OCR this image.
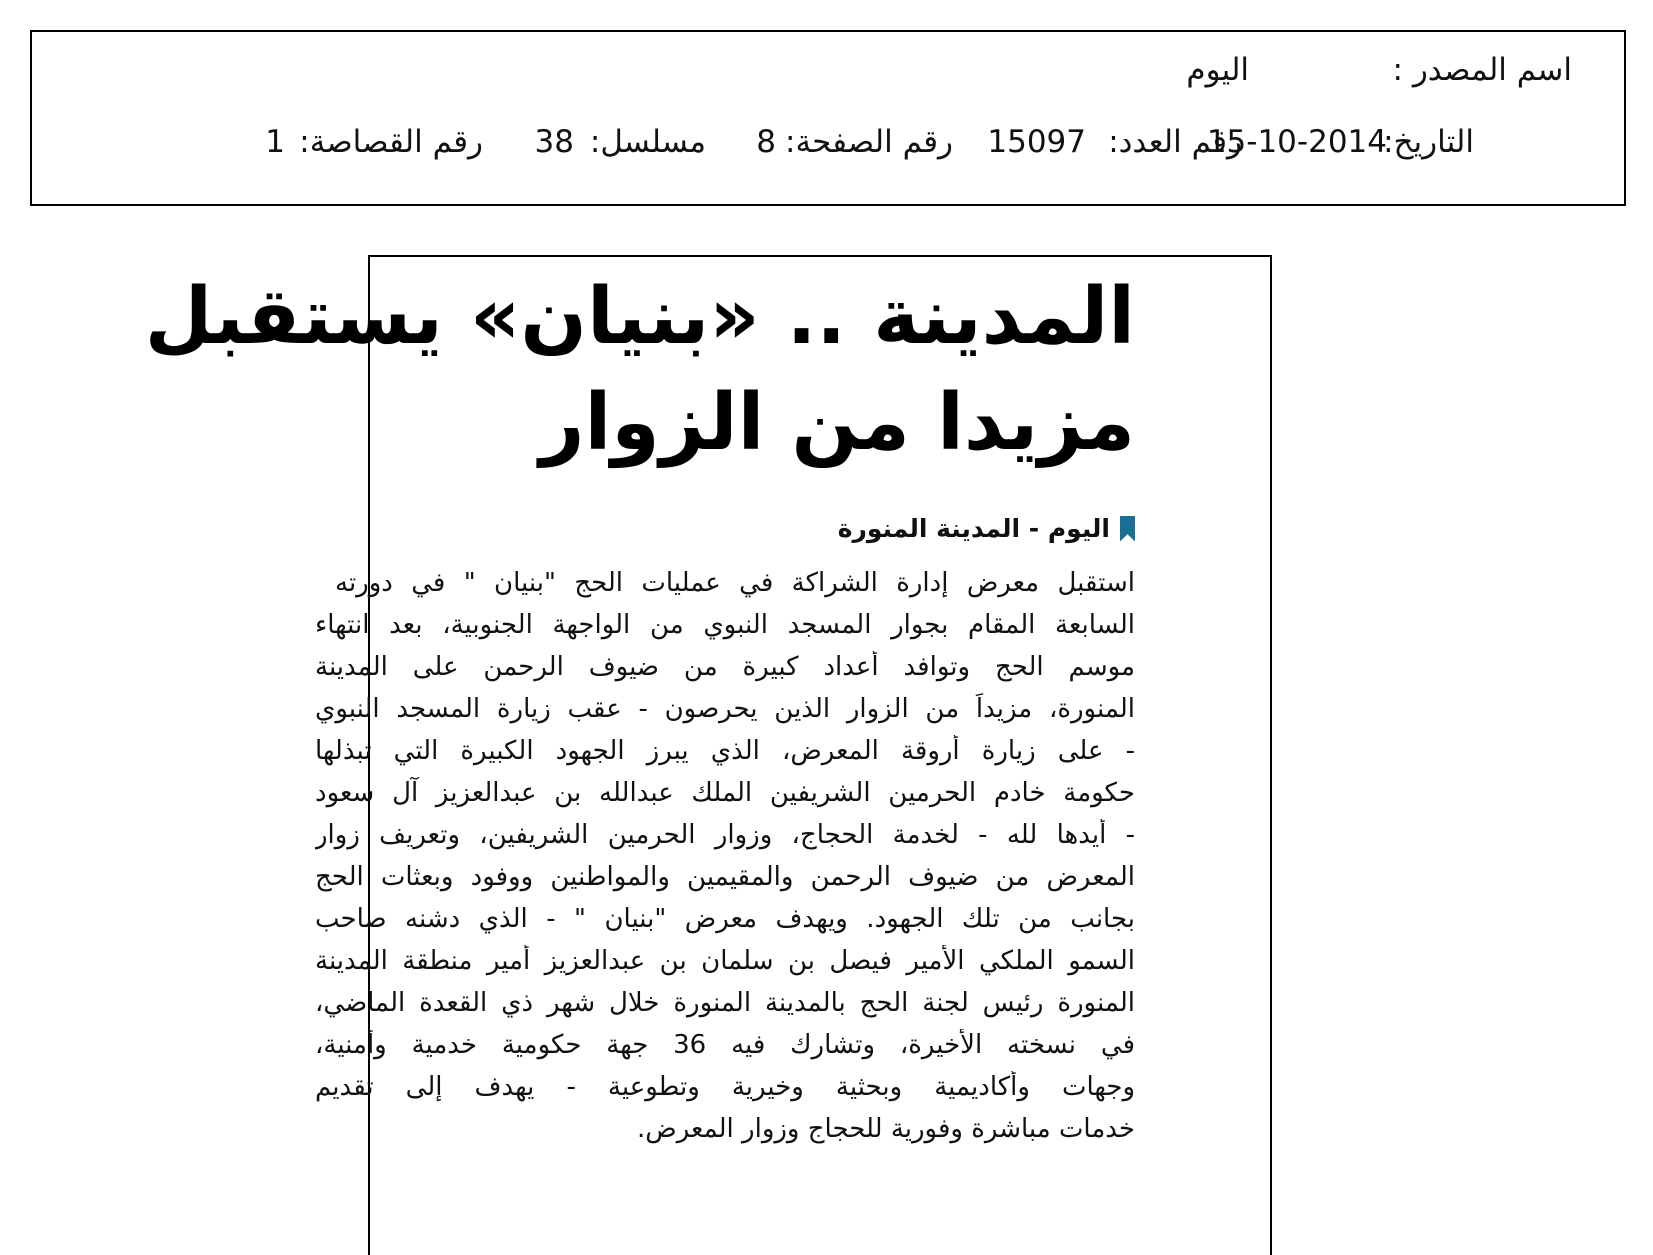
اسم المصدر :
اليوم
التاريخ:
15-10-2014
رقم العدد:
15097
رقم الصفحة:
8
مسلسل:
38
رقم القصاصة:
1
المدينة .. «بنيان» يستقبل
مزيدا من الزوار
اليوم - المدينة المنورة
استقبل معرض إدارة الشراكة في عمليات الحج "بنيان " في دورته
السابعة المقام بجوار المسجد النبوي من الواجهة الجنوبية، بعد انتهاء
موسم الحج وتوافد أعداد كبيرة من ضيوف الرحمن على المدينة
المنورة، مزيداً من الزوار الذين يحرصون - عقب زيارة المسجد النبوي
- على زيارة أروقة المعرض، الذي يبرز الجهود الكبيرة التي تبذلها
حكومة خادم الحرمين الشريفين الملك عبدالله بن عبدالعزيز آل سعود
- أيدها لله - لخدمة الحجاج، وزوار الحرمين الشريفين، وتعريف زوار
المعرض من ضيوف الرحمن والمقيمين والمواطنين ووفود وبعثات الحج
بجانب من تلك الجهود. ويهدف معرض "بنيان " - الذي دشنه صاحب
السمو الملكي الأمير فيصل بن سلمان بن عبدالعزيز أمير منطقة المدينة
المنورة رئيس لجنة الحج بالمدينة المنورة خلال شهر ذي القعدة الماضي،
في نسخته الأخيرة، وتشارك فيه 36 جهة حكومية خدمية وأمنية،
وجهات وأكاديمية وبحثية وخيرية وتطوعية - يهدف إلى تقديم
خدمات مباشرة وفورية للحجاج وزوار المعرض.
